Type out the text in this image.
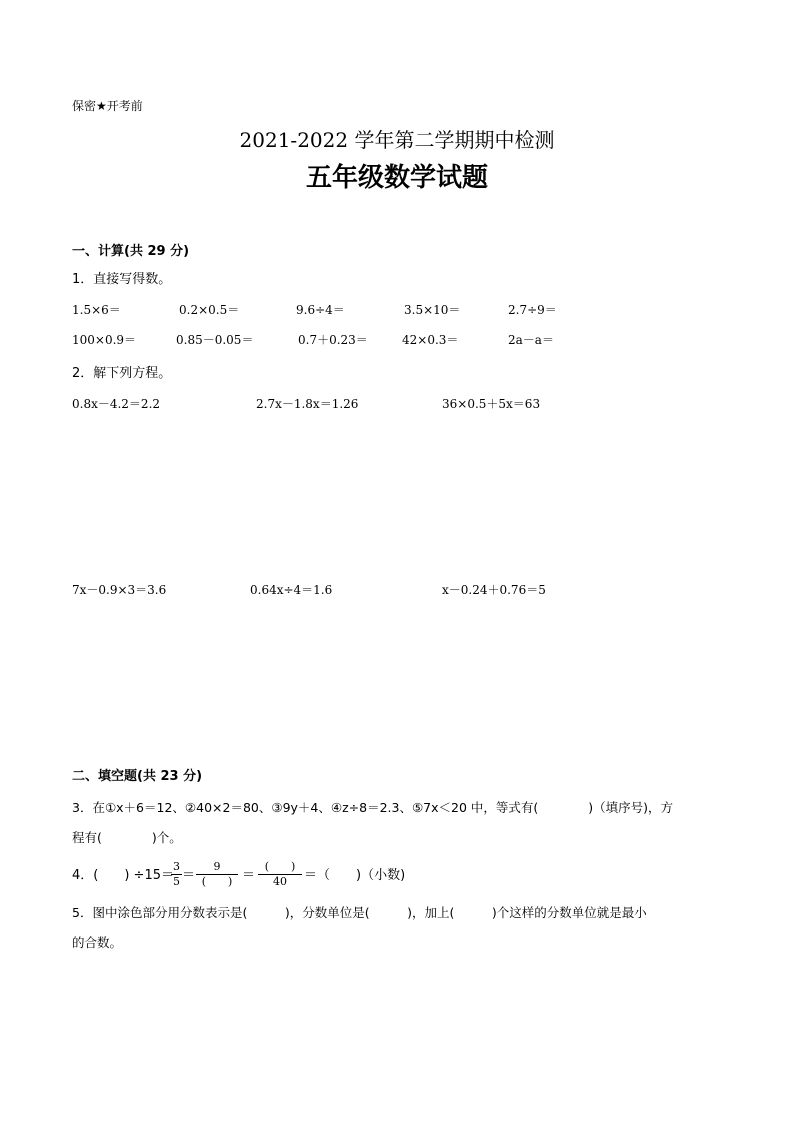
保密★开考前
2021-2022 学年第二学期期中检测
五年级数学试题
一、计算(共 29 分)
1．直接写得数。
1.5×6＝	0.2×0.5＝	9.6÷4＝	3.5×10＝	2.7÷9＝
100×0.9＝	0.85－0.05＝	0.7＋0.23＝	42×0.3＝	2a－a＝
2．解下列方程。
0.8x－4.2＝2.2	2.7x－1.8x＝1.26	36×0.5＋5x＝63
7x－0.9×3＝3.6	0.64x÷4＝1.6	x－0.24＋0.76＝5
二、填空题(共 23 分)
3．在①x＋6＝12、②40×2＝80、③9y＋4、④z÷8＝2.3、⑤7x＜20 中，等式有(　　　　)（填序号)，方
程有(　　　　)个。
4．(　　) ÷15＝
$\frac{3}{5}$ ＝
9
(　　) ＝
(　　)
40	＝（　　)（小数)
5．图中涂色部分用分数表示是(　　　)，分数单位是(　　　)，加上(　　　)个这样的分数单位就是最小
的合数。
